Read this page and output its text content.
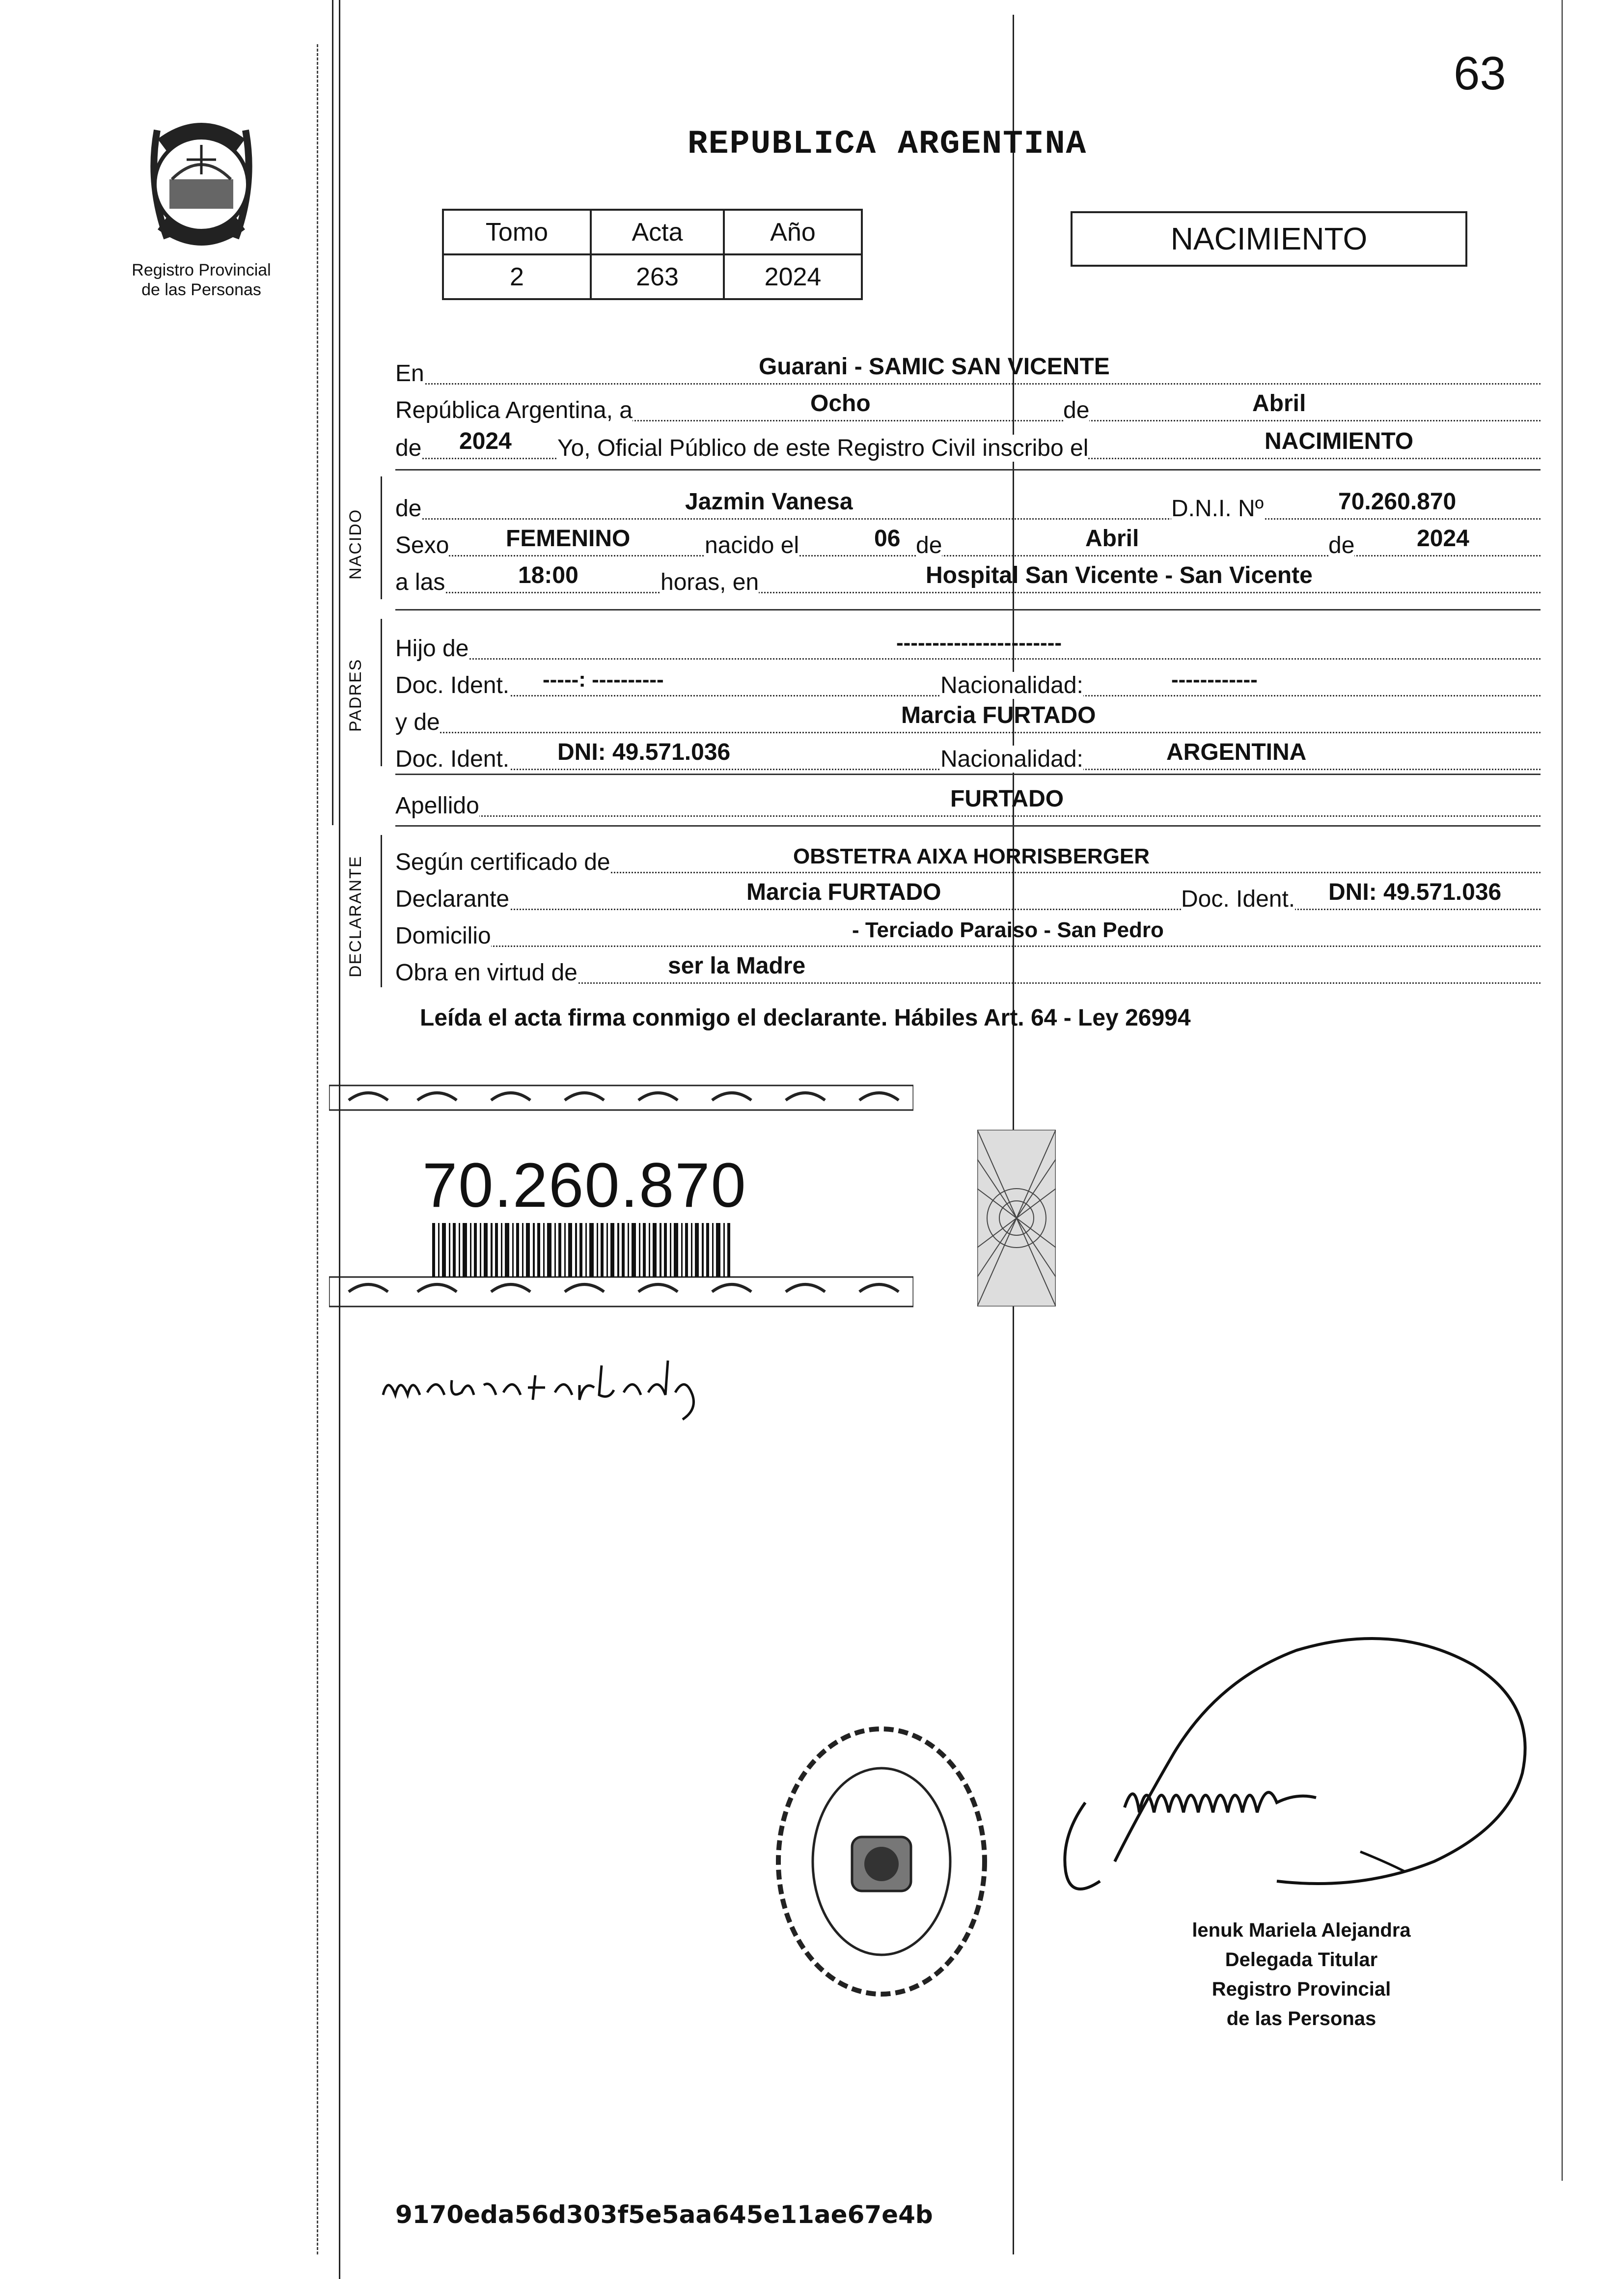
63
Registro Provincial
de las Personas
REPUBLICA ARGENTINA
Tomo	Acta	Año
2	263	2024
NACIMIENTO
En	Guarani - SAMIC SAN VICENTE
República Argentina, a	Ocho	de	Abril
de 2024 Yo, Oficial Público de este Registro Civil inscribo el	NACIMIENTO
NACIDO
de	Jazmin Vanesa	D.N.I. Nº	70.260.870
Sexo FEMENINO	nacido el	06 de	Abril	de	2024
a las	18:00	horas, en	Hospital San Vicente - San Vicente
PADRES
Hijo de	-----------------------
Doc. Ident. -----: ----------	Nacionalidad:	------------
y de	Marcia FURTADO
Doc. Ident. DNI: 49.571.036	Nacionalidad:	ARGENTINA
Apellido	FURTADO
DECLARANTE Según certificado de	OBSTETRA AIXA HORRISBERGER
Declarante	Marcia FURTADO	Doc. Ident. DNI: 49.571.036
Domicilio	- Terciado Paraiso - San Pedro
Obra en virtud de	ser la Madre
Leída el acta firma conmigo el declarante. Hábiles Art. 64 - Ley 26994
70.260.870
lenuk Mariela Alejandra
Delegada Titular
Registro Provincial
de las Personas
9170eda56d303f5e5aa645e11ae67e4b
